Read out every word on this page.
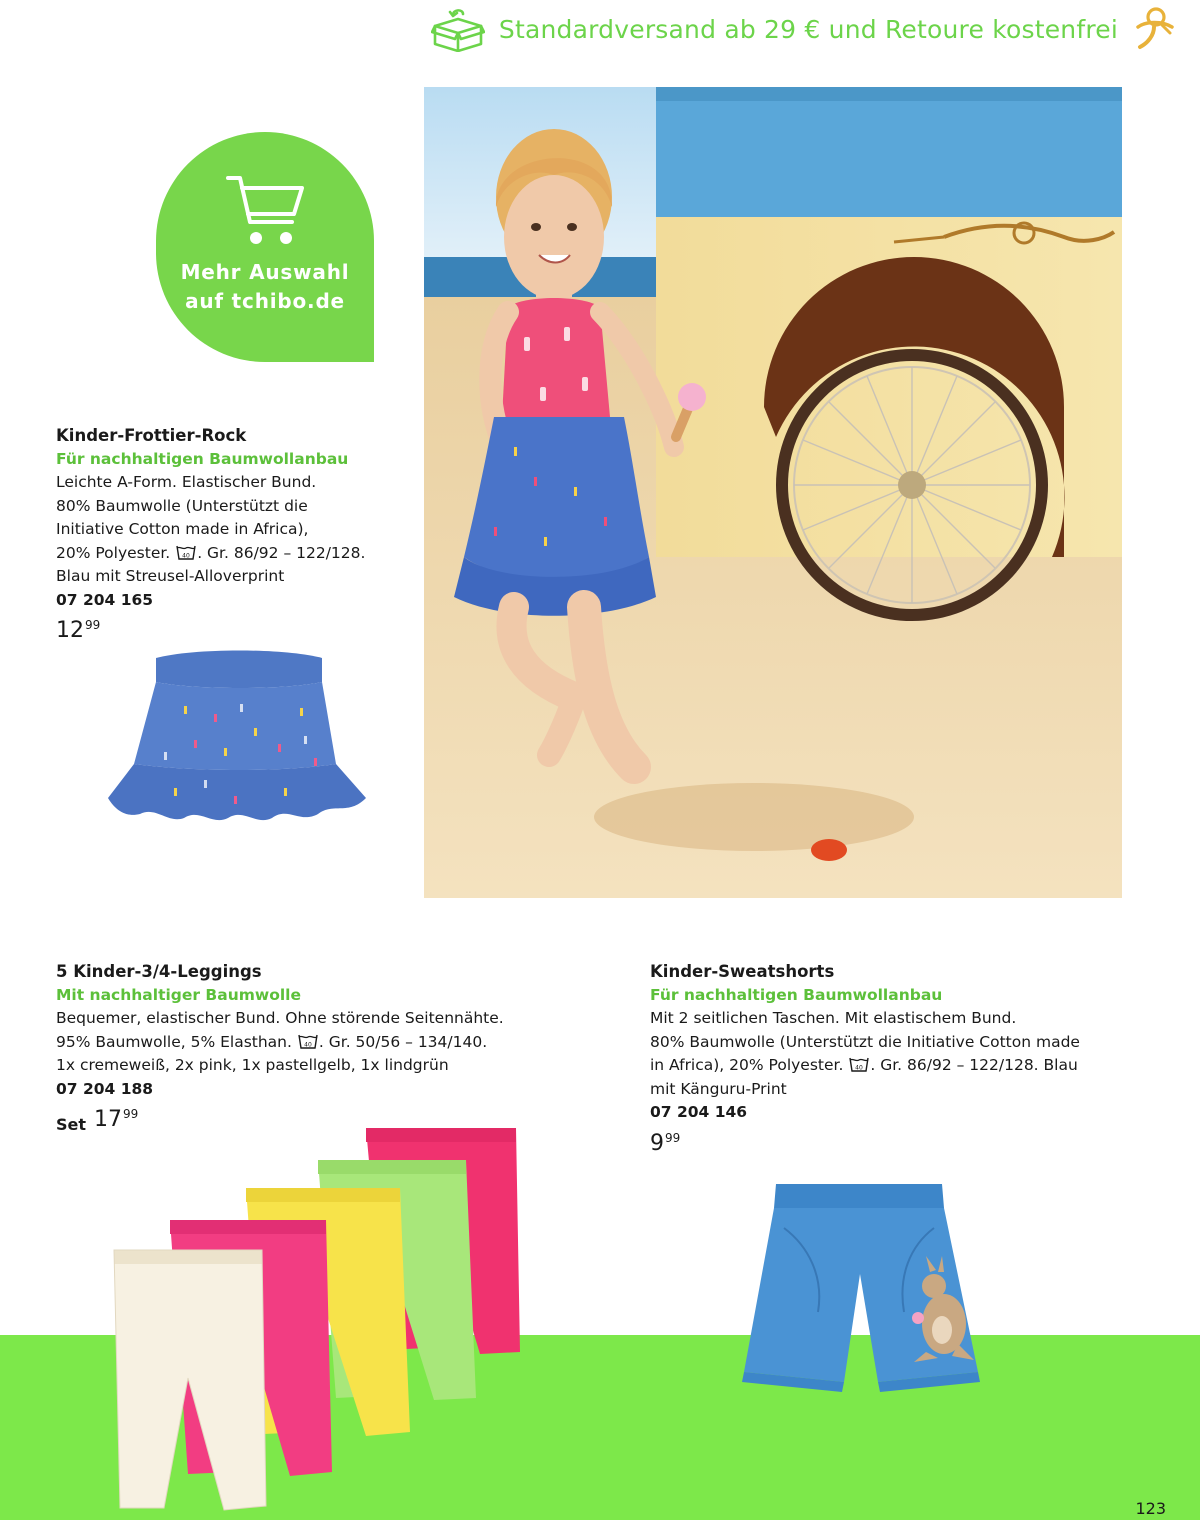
Standardversand ab 29 € und Retoure kostenfrei
Mehr Auswahl
auf tchibo.de
Kinder-Frottier-Rock
Für nachhaltigen Baumwollanbau
Leichte A-Form. Elastischer Bund.
80% Baumwolle (Unterstützt die
Initiative Cotton made in Africa),
20% Polyester. 40 . Gr. 86/92 – 122/128.
Blau mit Streusel-Alloverprint
07 204 165
12 99
5 Kinder-3/4-Leggings
Mit nachhaltiger Baumwolle
Bequemer, elastischer Bund. Ohne störende Seitennähte.
95% Baumwolle, 5% Elasthan. 40 . Gr. 50/56 – 134/140.
1x cremeweiß, 2x pink, 1x pastellgelb, 1x lindgrün
07 204 188
Set 17 99
Kinder-Sweatshorts
Für nachhaltigen Baumwollanbau
Mit 2 seitlichen Taschen. Mit elastischem Bund.
80% Baumwolle (Unterstützt die Initiative Cotton made
in Africa), 20% Polyester. 40 . Gr. 86/92 – 122/128. Blau
mit Känguru-Print
07 204 146
9 99
123
